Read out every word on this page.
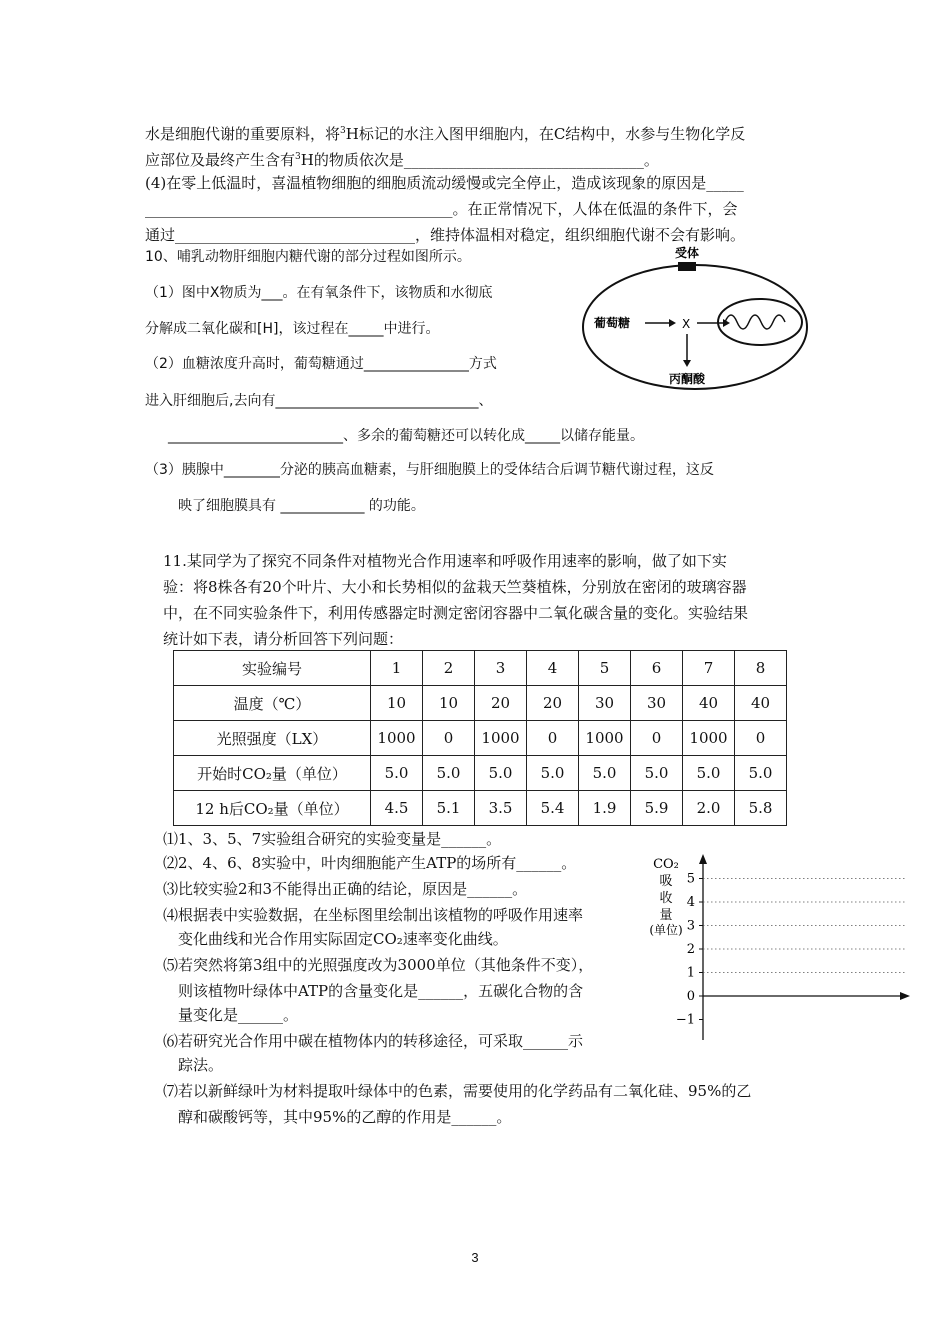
水是细胞代谢的重要原料，将$^3$H标记的水注入图甲细胞内，在C结构中，水参与生物化学反
应部位及最终产生含有$^3$H的物质依次是________________________________。
(4)在零上低温时，喜温植物细胞的细胞质流动缓慢或完全停止，造成该现象的原因是_____
_________________________________________。在正常情况下，人体在低温的条件下，会
通过________________________________，维持体温相对稳定，组织细胞代谢不会有影响。
10、哺乳动物肝细胞内糖代谢的部分过程如图所示。
（1）图中X物质为___。在有氧条件下，该物质和水彻底
分解成二氧化碳和[H]，该过程在_____中进行。
（2）血糖浓度升高时，葡萄糖通过_______________方式
进入肝细胞后,去向有_____________________________、
_________________________、多余的葡萄糖还可以转化成_____以储存能量。
（3）胰腺中________分泌的胰高血糖素，与肝细胞膜上的受体结合后调节糖代谢过程，这反
映了细胞膜具有 ____________ 的功能。
受体
葡萄糖	X
丙酮酸
11.某同学为了探究不同条件对植物光合作用速率和呼吸作用速率的影响，做了如下实
验：将8株各有20个叶片、大小和长势相似的盆栽天竺葵植株，分别放在密闭的玻璃容器
中，在不同实验条件下，利用传感器定时测定密闭容器中二氧化碳含量的变化。实验结果
统计如下表，请分析回答下列问题：
实验编号	1	2	3	4	5	6	7	8
温度（℃）	10	10	20	20	30	30	40	40
光照强度（LX）	1000	0	1000	0	1000	0	1000	0
开始时CO₂量（单位）	5.0	5.0	5.0	5.0	5.0	5.0	5.0	5.0
12 h后CO₂量（单位）	4.5	5.1	3.5	5.4	1.9	5.9	2.0	5.8
⑴1、3、5、7实验组合研究的实验变量是______。
⑵2、4、6、8实验中，叶肉细胞能产生ATP的场所有______。
⑶比较实验2和3不能得出正确的结论，原因是______。
⑷根据表中实验数据，在坐标图里绘制出该植物的呼吸作用速率
变化曲线和光合作用实际固定CO₂速率变化曲线。
⑸若突然将第3组中的光照强度改为3000单位（其他条件不变），
则该植物叶绿体中ATP的含量变化是______，五碳化合物的含
量变化是______。
⑹若研究光合作用中碳在植物体内的转移途径，可采取______示
踪法。
⑺若以新鲜绿叶为材料提取叶绿体中的色素，需要使用的化学药品有二氧化硅、95%的乙
醇和碳酸钙等，其中95%的乙醇的作用是______。
CO₂
吸
收
量
(单位)
5
4
3
2
1
0
−1
3
